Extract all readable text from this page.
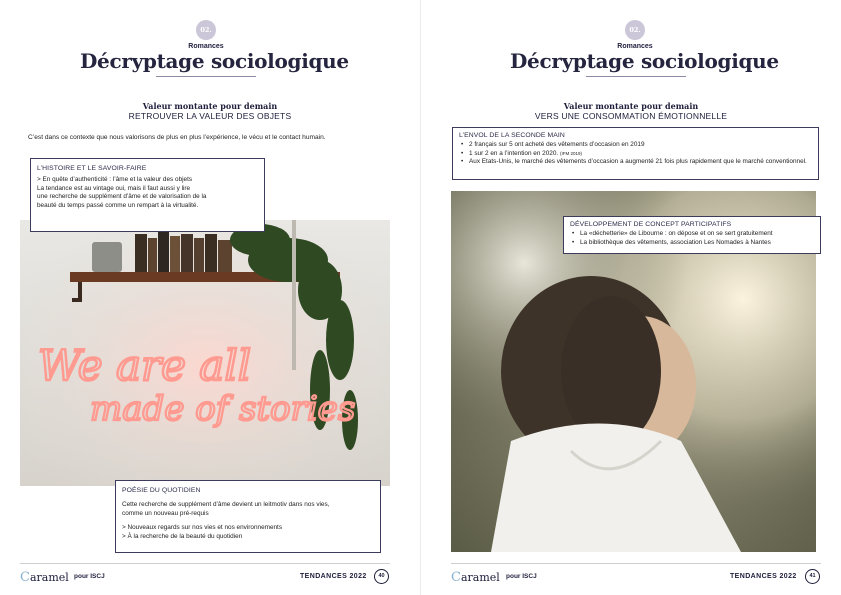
02.
Romances
Décryptage sociologique
Valeur montante pour demain
RETROUVER LA VALEUR DES OBJETS
C’est dans ce contexte que nous valorisons de plus en plus l’expérience, le vécu et le contact humain.
We are all
made of stories
L’HISTOIRE ET LE SAVOIR-FAIRE

> En quête d’authenticité : l’âme et la valeur des objets

La tendance est au vintage oui, mais il faut aussi y lire

une recherche de supplément d’âme et de valorisation de la

beauté du temps passé comme un rempart à la virtualité.

POÉSIE DU QUOTIDIEN

Cette recherche de supplément d’âme devient un leitmotiv dans nos vies,

comme un nouveau pré-requis

> Nouveaux regards sur nos vies et nos environnements

> À la recherche de la beauté du quotidien

Caramel pour ISCJ	TENDANCES 2022	40
02.
Romances
Décryptage sociologique
Valeur montante pour demain
VERS UNE CONSOMMATION ÉMOTIONNELLE
L’ENVOL DE LA SECONDE MAIN
• 2 français sur 5 ont acheté des vêtements d’occasion en 2019
• 1 sur 2 en a l’intention en 2020. (IFM 2019)
• Aux Etats-Unis, le marché des vêtements d’occasion a augmenté 21 fois plus rapidement que le marché conventionnel.
DÉVELOPPEMENT DE CONCEPT PARTICIPATIFS
• La «déchetterie» de Libourne : on dépose et on se sert gratuitement
• La bibliothèque des vêtements, association Les Nomades à Nantes
Caramel pour ISCJ	TENDANCES 2022	41
